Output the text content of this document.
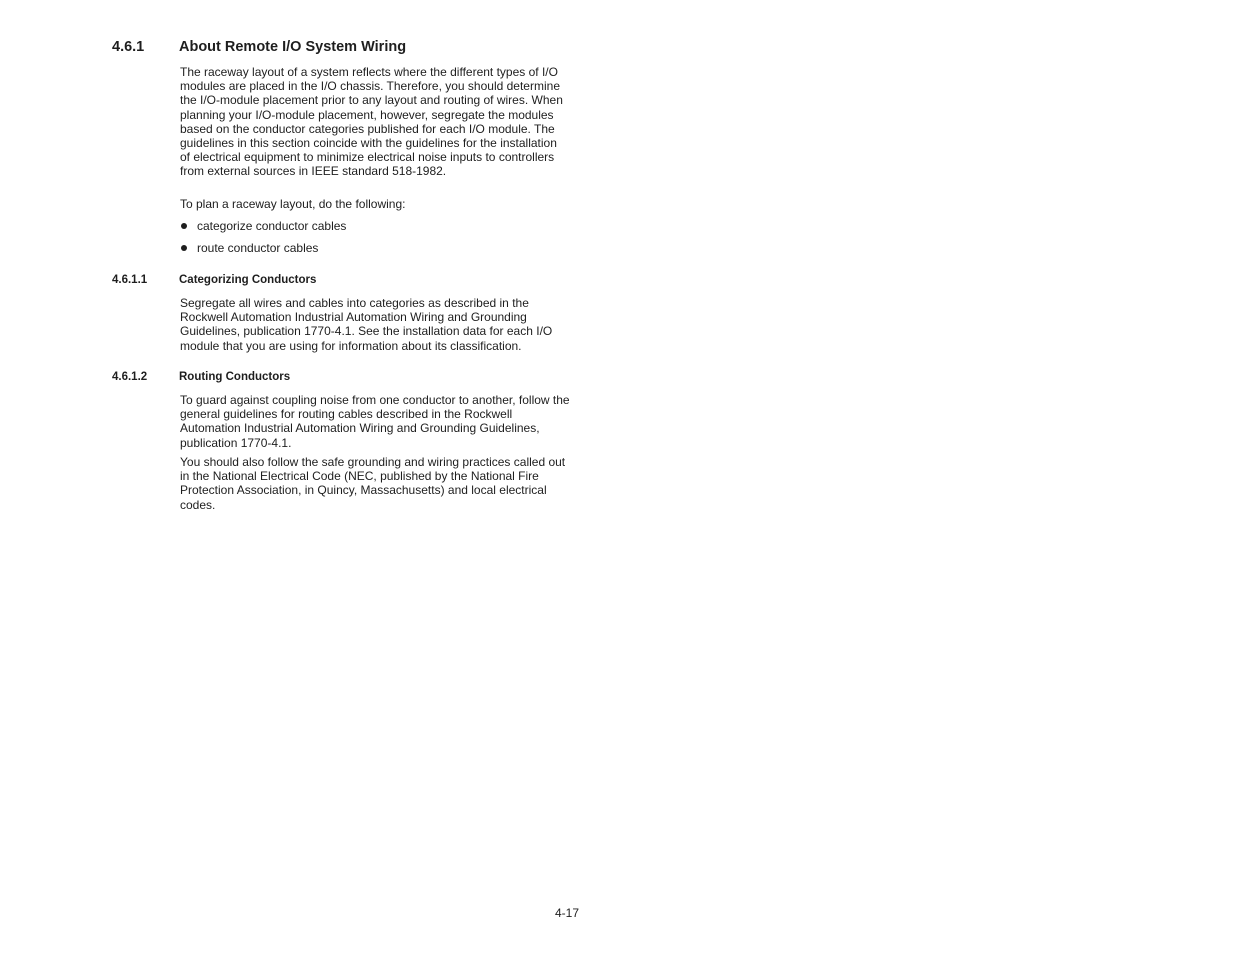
4.6.1	About Remote I/O System Wiring

The raceway layout of a system reflects where the different types of I/O modules are placed in the I/O chassis. Therefore, you should determine the I/O-module placement prior to any layout and routing of wires. When planning your I/O-module placement, however, segregate the modules based on the conductor categories published for each I/O module. The guidelines in this section coincide with the guidelines for the installation of electrical equipment to minimize electrical noise inputs to controllers from external sources in IEEE standard 518-1982.

To plan a raceway layout, do the following:

categorize conductor cables
route conductor cables
4.6.1.1	Categorizing Conductors

Segregate all wires and cables into categories as described in the Rockwell Automation Industrial Automation Wiring and Grounding Guidelines, publication 1770-4.1. See the installation data for each I/O module that you are using for information about its classification.

4.6.1.2	Routing Conductors

To guard against coupling noise from one conductor to another, follow the general guidelines for routing cables described in the Rockwell Automation Industrial Automation Wiring and Grounding Guidelines, publication 1770-4.1.

You should also follow the safe grounding and wiring practices called out in the National Electrical Code (NEC, published by the National Fire Protection Association, in Quincy, Massachusetts) and local electrical codes.

4-17
